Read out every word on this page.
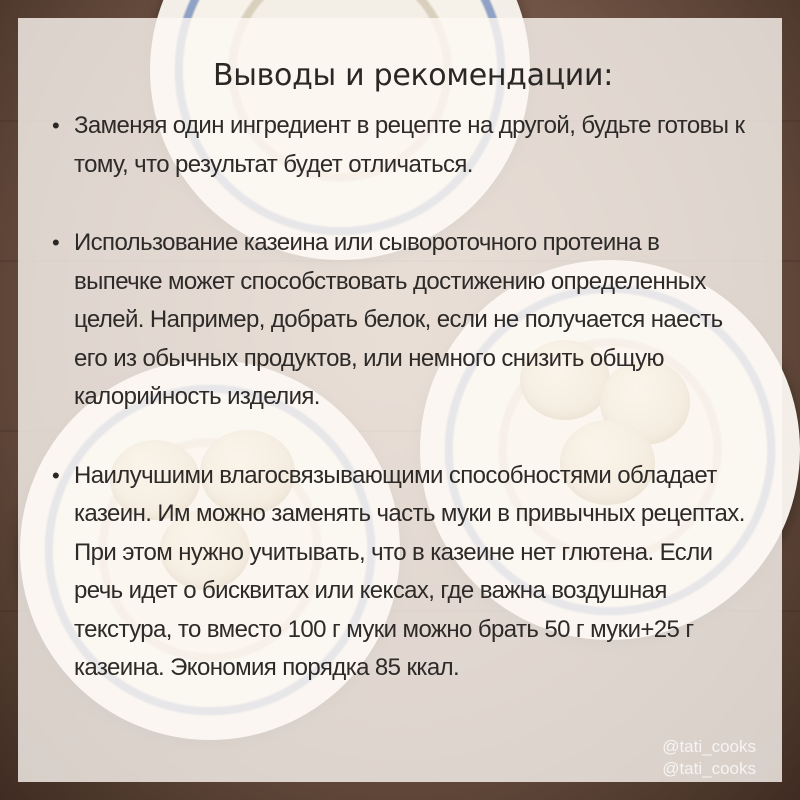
Выводы и рекомендации:
• Заменяя один ингредиент в рецепте на другой, будьте готовы к тому, что результат будет отличаться.
• Использование казеина или сывороточного протеина в выпечке может способствовать достижению определенных целей. Например, добрать белок, если не получается наесть его из обычных продуктов, или немного снизить общую калорийность изделия.
• Наилучшими влагосвязывающими способностями обладает казеин. Им можно заменять часть муки в привычных рецептах. При этом нужно учитывать, что в казеине нет глютена. Если речь идет о бисквитах или кексах, где важна воздушная текстура, то вместо 100 г муки можно брать 50 г муки+25 г казеина. Экономия порядка 85 ккал.
@tati_cooks
@tati_cooks
